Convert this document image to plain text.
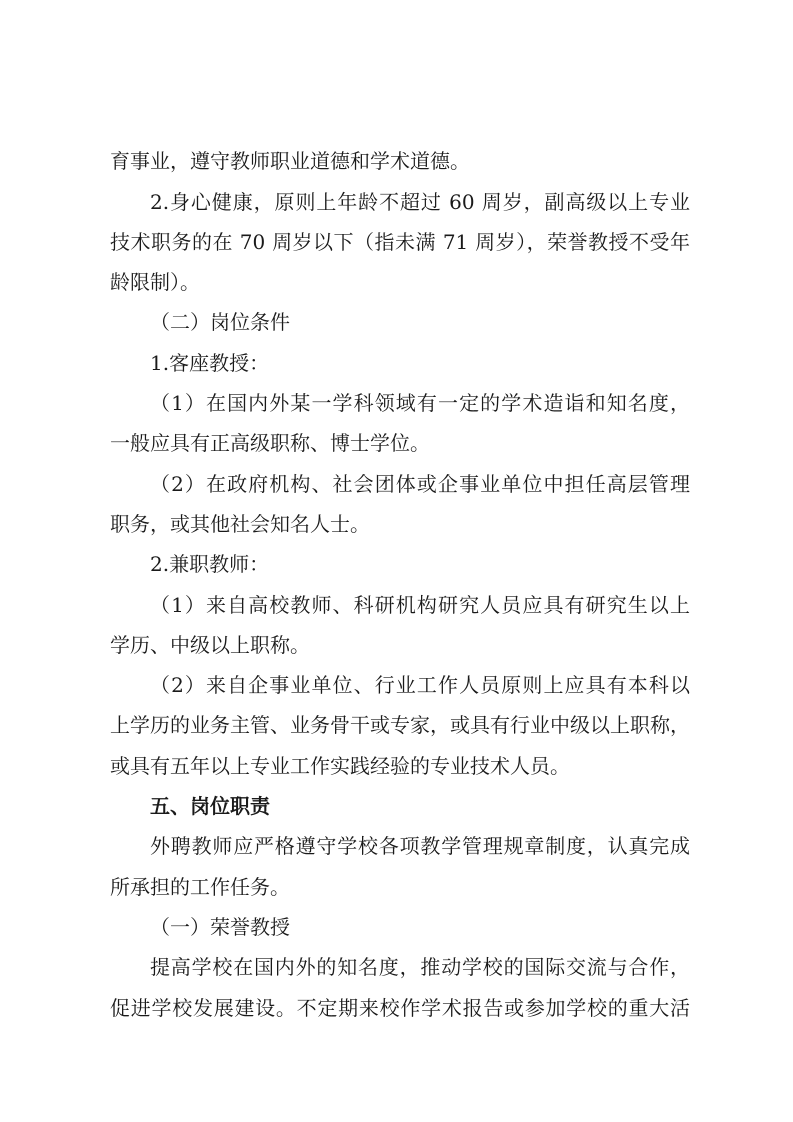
育事业，遵守教师职业道德和学术道德。
2.身心健康，原则上年龄不超过 60 周岁，副高级以上专业
技术职务的在 70 周岁以下（指未满 71 周岁），荣誉教授不受年
龄限制）。
（二）岗位条件
1.客座教授：
（1）在国内外某一学科领域有一定的学术造诣和知名度，
一般应具有正高级职称、博士学位。
（2）在政府机构、社会团体或企事业单位中担任高层管理
职务，或其他社会知名人士。
2.兼职教师：
（1）来自高校教师、科研机构研究人员应具有研究生以上
学历、中级以上职称。
（2）来自企事业单位、行业工作人员原则上应具有本科以
上学历的业务主管、业务骨干或专家，或具有行业中级以上职称，
或具有五年以上专业工作实践经验的专业技术人员。
五、岗位职责
外聘教师应严格遵守学校各项教学管理规章制度，认真完成
所承担的工作任务。
（一）荣誉教授
提高学校在国内外的知名度，推动学校的国际交流与合作，
促进学校发展建设。不定期来校作学术报告或参加学校的重大活
